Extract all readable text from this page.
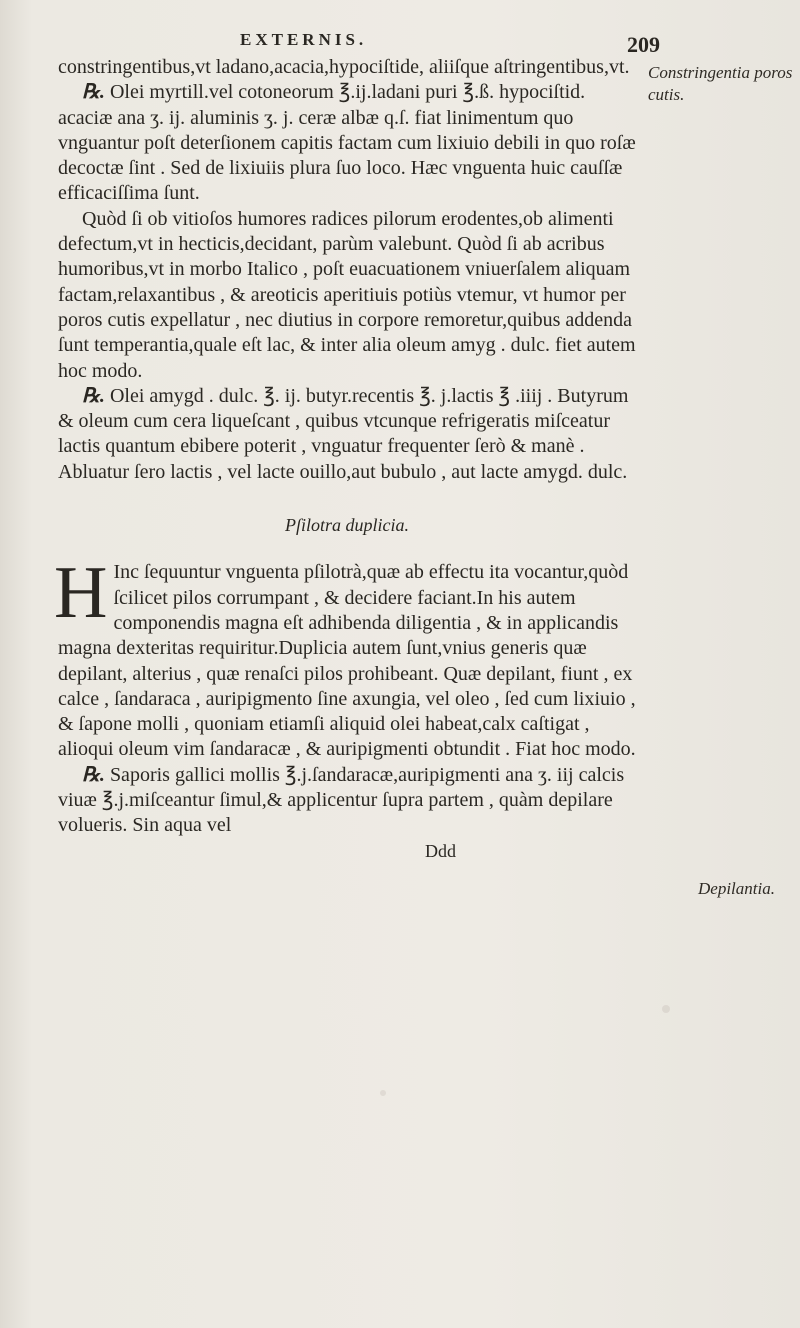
EXTERNIS.	209
Constringentia poros cutis.
Depilantia.

constringentibus,vt ladano,acacia,hypociſtide, aliiſque aſtringentibus,vt.

℞. Olei myrtill.vel cotoneorum ℥.ij.ladani puri ℥.ß. hypociſtid. acaciæ ana ʒ. ij. aluminis ʒ. j. ceræ albæ q.ſ. fiat linimentum quo vnguantur poſt deterſionem capitis factam cum lixiuio debili in quo roſæ decoctæ ſint . Sed de lixiuiis plura ſuo loco. Hæc vnguenta huic cauſſæ efficaciſſima ſunt.

Quòd ſi ob vitioſos humores radices pilorum erodentes,ob alimenti defectum,vt in hecticis,decidant, parùm valebunt. Quòd ſi ab acribus humoribus,vt in morbo Italico , poſt euacuationem vniuerſalem aliquam factam,relaxantibus , & areoticis aperitiuis potiùs vtemur, vt humor per poros cutis expellatur , nec diutius in corpore remoretur,quibus addenda ſunt temperantia,quale eſt lac, & inter alia oleum amyg . dulc. fiet autem hoc modo.

℞. Olei amygd . dulc. ℥. ij. butyr.recentis ℥. j.lactis ℥ .iiij . Butyrum & oleum cum cera liqueſcant , quibus vtcunque refrigeratis miſceatur lactis quantum ebibere poterit , vnguatur frequenter ſerò & manè . Abluatur ſero lactis , vel lacte ouillo,aut bubulo , aut lacte amygd. dulc.

Pſilotra duplicia.

H Inc ſequuntur vnguenta pſilotrà,quæ ab effectu ita vocantur,quòd ſcilicet pilos corrumpant , & decidere faciant.In his autem componendis magna eſt adhibenda diligentia , & in applicandis magna dexteritas requiritur.Duplicia autem ſunt,vnius generis quæ depilant, alterius , quæ renaſci pilos prohibeant. Quæ depilant, fiunt , ex calce , ſandaraca , auripigmento ſine axungia, vel oleo , ſed cum lixiuio , & ſapone molli , quoniam etiamſi aliquid olei habeat,calx caſtigat , alioqui oleum vim ſandaracæ , & auripigmenti obtundit . Fiat hoc modo.

℞. Saporis gallici mollis ℥.j.ſandaracæ,auripigmenti ana ʒ. iij calcis viuæ ℥.j.miſceantur ſimul,& applicentur ſupra partem , quàm depilare volueris. Sin aqua vel

Ddd
